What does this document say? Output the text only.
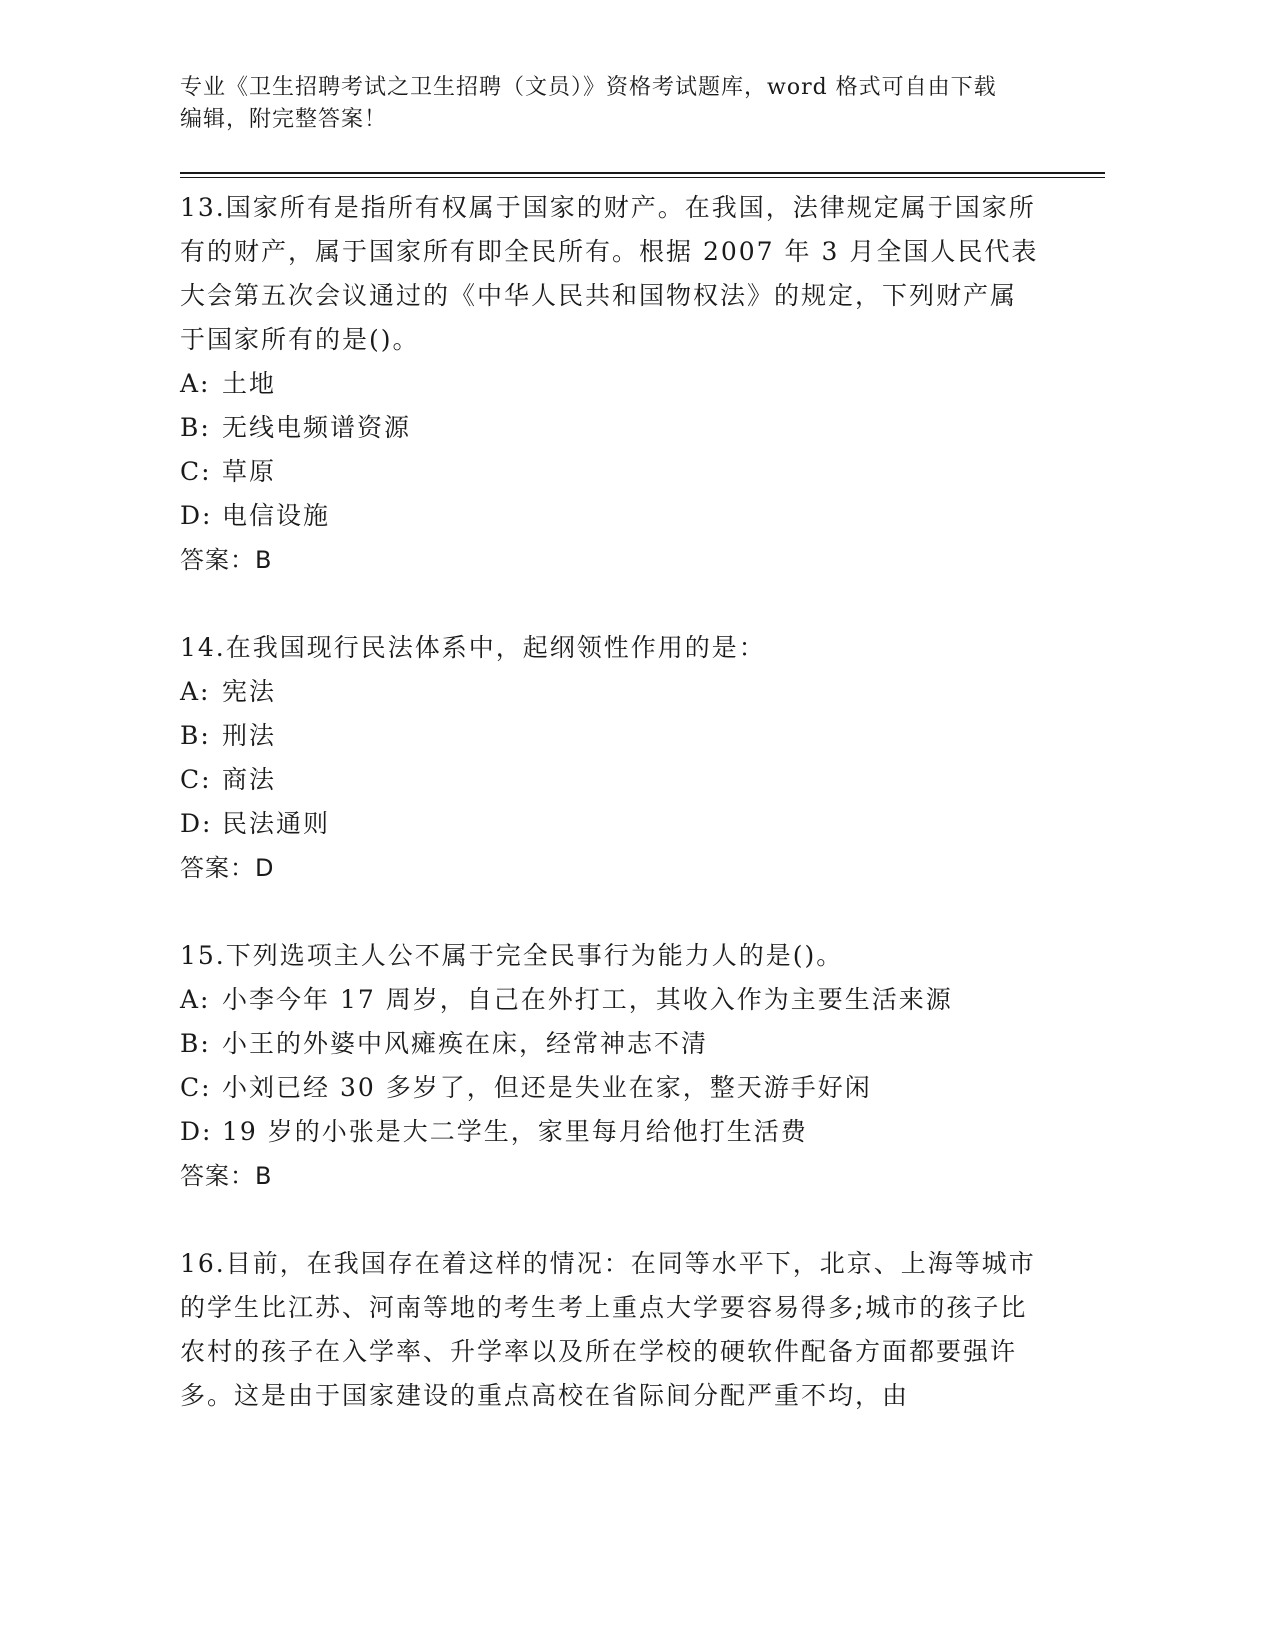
专业《卫生招聘考试之卫生招聘（文员）》资格考试题库，word 格式可自由下载
编辑，附完整答案！
13.国家所有是指所有权属于国家的财产。在我国，法律规定属于国家所有的财产，属于国家所有即全民所有。根据 2007 年 3 月全国人民代表大会第五次会议通过的《中华人民共和国物权法》的规定，下列财产属于国家所有的是()。
A: 土地
B: 无线电频谱资源
C: 草原
D: 电信设施
答案：B
14.在我国现行民法体系中，起纲领性作用的是：
A: 宪法
B: 刑法
C: 商法
D: 民法通则
答案：D
15.下列选项主人公不属于完全民事行为能力人的是()。
A: 小李今年 17 周岁，自己在外打工，其收入作为主要生活来源
B: 小王的外婆中风瘫痪在床，经常神志不清
C: 小刘已经 30 多岁了，但还是失业在家，整天游手好闲
D: 19 岁的小张是大二学生，家里每月给他打生活费
答案：B
16.目前，在我国存在着这样的情况：在同等水平下，北京、上海等城市的学生比江苏、河南等地的考生考上重点大学要容易得多;城市的孩子比农村的孩子在入学率、升学率以及所在学校的硬软件配备方面都要强许多。这是由于国家建设的重点高校在省际间分配严重不均，由
